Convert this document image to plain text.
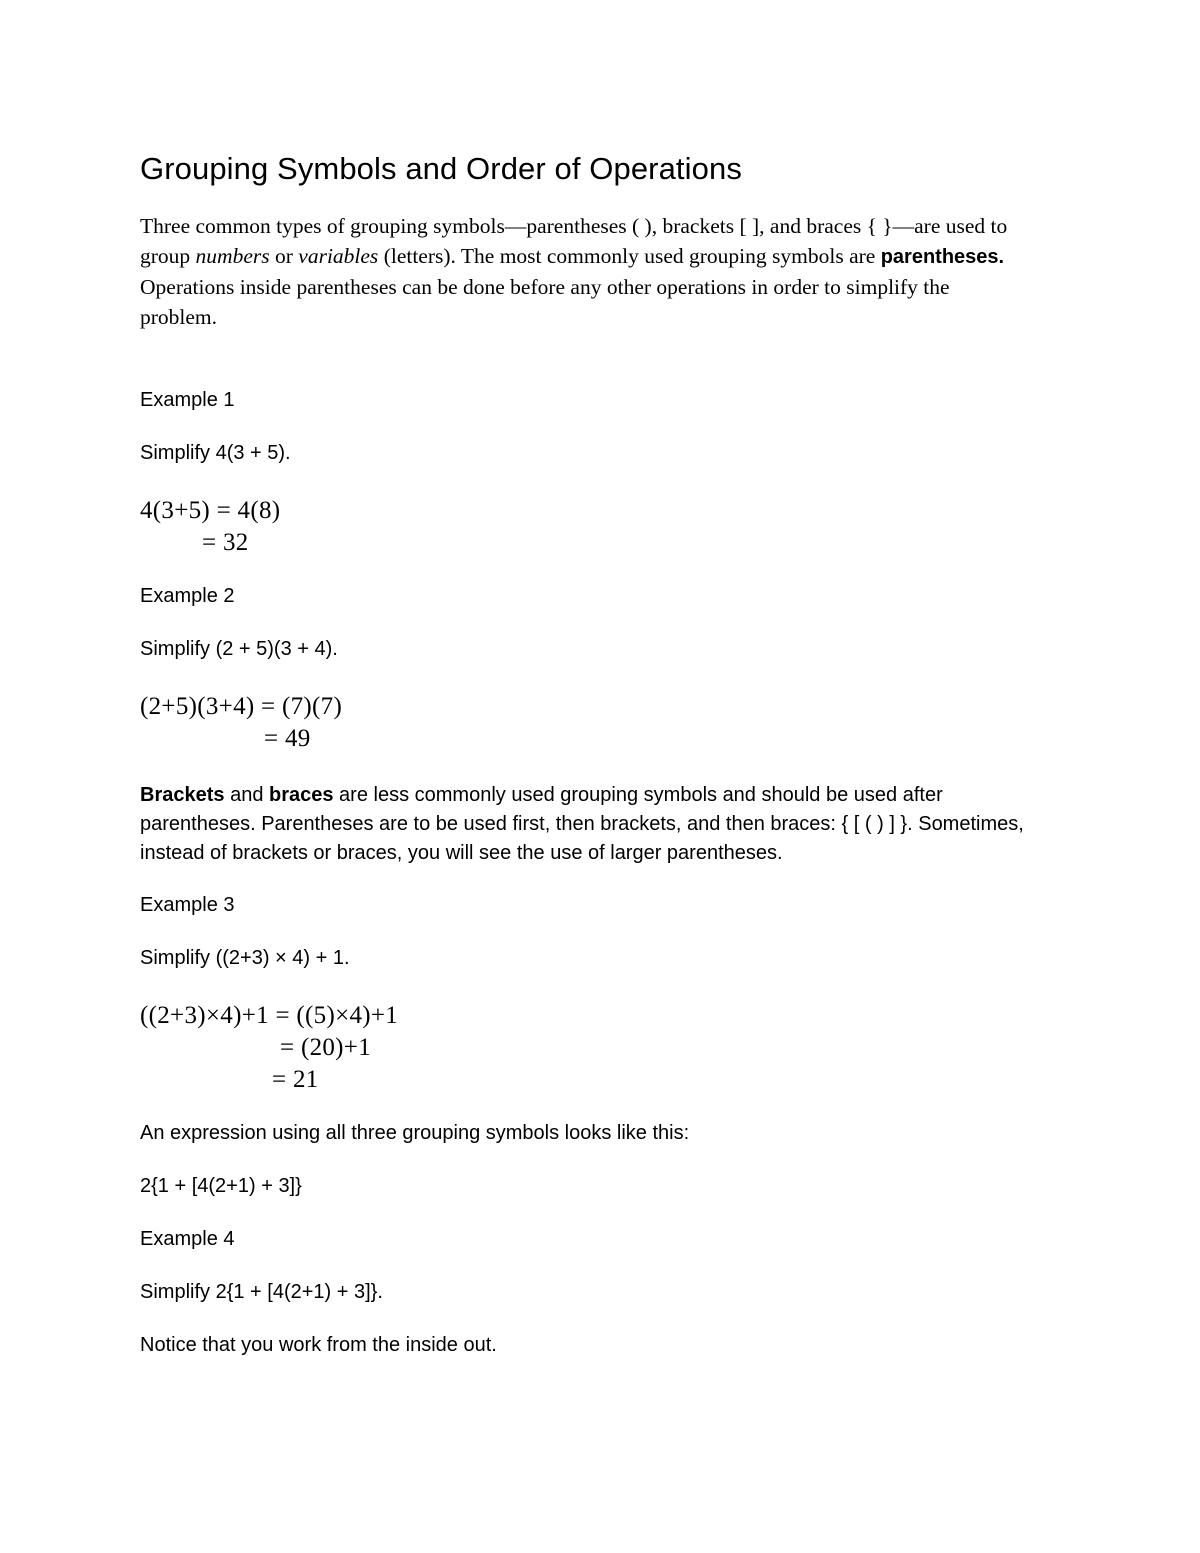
Grouping Symbols and Order of Operations

Three common types of grouping symbols—parentheses ( ), brackets [ ], and braces { }—are used to group numbers or variables (letters). The most commonly used grouping symbols are parentheses. Operations inside parentheses can be done before any other operations in order to simplify the problem.

Example 1

Simplify 4(3 + 5).

4(3+5) = 4(8)
= 32

Example 2

Simplify (2 + 5)(3 + 4).

(2+5)(3+4) = (7)(7)
= 49

Brackets and braces are less commonly used grouping symbols and should be used after parentheses. Parentheses are to be used first, then brackets, and then braces: { [ ( ) ] }. Sometimes, instead of brackets or braces, you will see the use of larger parentheses.

Example 3

Simplify ((2+3) × 4) + 1.

((2+3)×4)+1 = ((5)×4)+1
= (20)+1
= 21

An expression using all three grouping symbols looks like this:

2{1 + [4(2+1) + 3]}

Example 4

Simplify 2{1 + [4(2+1) + 3]}.

Notice that you work from the inside out.
